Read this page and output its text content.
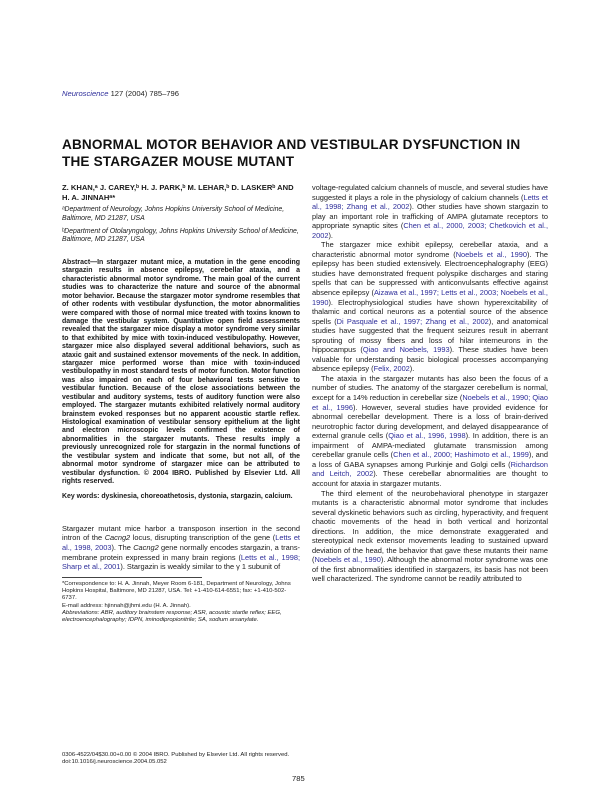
Neuroscience 127 (2004) 785–796
ABNORMAL MOTOR BEHAVIOR AND VESTIBULAR DYSFUNCTION IN THE STARGAZER MOUSE MUTANT
Z. KHAN,ᵃ J. CAREY,ᵇ H. J. PARK,ᵇ M. LEHAR,ᵇ D. LASKERᵇ AND H. A. JINNAHᵃ*
ᵃDepartment of Neurology, Johns Hopkins University School of Medicine, Baltimore, MD 21287, USA
ᵇDepartment of Otolaryngology, Johns Hopkins University School of Medicine, Baltimore, MD 21287, USA
Abstract—In stargazer mutant mice, a mutation in the gene encoding stargazin results in absence epilepsy, cerebellar ataxia, and a characteristic abnormal motor syndrome. The main goal of the current studies was to characterize the nature and source of the abnormal motor behavior. Because the stargazer motor syndrome resembles that of other rodents with vestibular dysfunction, the motor abnormalities were compared with those of normal mice treated with toxins known to damage the vestibular system. Quantitative open field assessments revealed that the stargazer mice display a motor syndrome very similar to that exhibited by mice with toxin-induced vestibulopathy. However, stargazer mice also displayed several additional behaviors, such as ataxic gait and sustained extensor movements of the neck. In addition, stargazer mice performed worse than mice with toxin-induced vestibulopathy in most standard tests of motor function. Motor function was also impaired on each of four behavioral tests sensitive to vestibular function. Because of the close associations between the vestibular and auditory systems, tests of auditory function were also employed. The stargazer mutants exhibited relatively normal auditory brainstem evoked responses but no apparent acoustic startle reflex. Histological examination of vestibular sensory epithelium at the light and electron microscopic levels confirmed the existence of abnormalities in the stargazer mutants. These results imply a previously unrecognized role for stargazin in the normal functions of the vestibular system and indicate that some, but not all, of the abnormal motor syndrome of stargazer mice can be attributed to vestibular dysfunction. © 2004 IBRO. Published by Elsevier Ltd. All rights reserved.
Key words: dyskinesia, choreoathetosis, dystonia, stargazin, calcium.
Stargazer mutant mice harbor a transposon insertion in the second intron of the Cacng2 locus, disrupting transcription of the gene (Letts et al., 1998, 2003). The Cacng2 gene normally encodes stargazin, a trans-membrane protein expressed in many brain regions (Letts et al., 1998; Sharp et al., 2001). Stargazin is weakly similar to the γ 1 subunit of
*Correspondence to: H. A. Jinnah, Meyer Room 6-181, Department of Neurology, Johns Hopkins Hospital, Baltimore, MD 21287, USA. Tel: +1-410-614-6551; fax: +1-410-502-6737.
E-mail address: hjinnah@jhmi.edu (H. A. Jinnah).
Abbreviations: ABR, auditory brainstem response; ASR, acoustic startle reflex; EEG, electroencephalography; IDPN, iminodipropionitrile; SA, sodium arsanylate.

voltage-regulated calcium channels of muscle, and several studies have suggested it plays a role in the physiology of calcium channels (Letts et al., 1998; Zhang et al., 2002). Other studies have shown stargazin to play an important role in trafficking of AMPA glutamate receptors to appropriate synaptic sites (Chen et al., 2000, 2003; Chetkovich et al., 2002).

The stargazer mice exhibit epilepsy, cerebellar ataxia, and a characteristic abnormal motor syndrome (Noebels et al., 1990). The epilepsy has been studied extensively. Electroencephalography (EEG) studies have demonstrated frequent polyspike discharges and staring spells that can be suppressed with anticonvulsants effective against absence epilepsy (Aizawa et al., 1997; Letts et al., 2003; Noebels et al., 1990). Electrophysiological studies have shown hyperexcitability of thalamic and cortical neurons as a potential source of the absence spells (Di Pasquale et al., 1997; Zhang et al., 2002), and anatomical studies have suggested that the frequent seizures result in aberrant sprouting of mossy fibers and loss of hilar interneurons in the hippocampus (Qiao and Noebels, 1993). These studies have been valuable for understanding basic biological processes accompanying absence epilepsy (Felix, 2002).

The ataxia in the stargazer mutants has also been the focus of a number of studies. The anatomy of the stargazer cerebellum is normal, except for a 14% reduction in cerebellar size (Noebels et al., 1990; Qiao et al., 1996). However, several studies have provided evidence for abnormal cerebellar development. There is a loss of brain-derived neurotrophic factor during development, and delayed disappearance of external granule cells (Qiao et al., 1996, 1998). In addition, there is an impairment of AMPA-mediated glutamate transmission among cerebellar granule cells (Chen et al., 2000; Hashimoto et al., 1999), and a loss of GABA synapses among Purkinje and Golgi cells (Richardson and Leitch, 2002). These cerebellar abnormalities are thought to account for ataxia in stargazer mutants.

The third element of the neurobehavioral phenotype in stargazer mutants is a characteristic abnormal motor syndrome that includes several dyskinetic behaviors such as circling, hyperactivity, and frequent chaotic movements of the head in both vertical and horizontal directions. In addition, the mice demonstrate exaggerated and stereotypical neck extensor movements leading to sustained upward deviation of the head, the behavior that gave these mutants their name (Noebels et al., 1990). Although the abnormal motor syndrome was one of the first abnormalities identified in stargazers, its basis has not been well characterized. The syndrome cannot be readily attributed to

0306-4522/04$30.00+0.00 © 2004 IBRO. Published by Elsevier Ltd. All rights reserved.
doi:10.1016/j.neuroscience.2004.05.052
785
